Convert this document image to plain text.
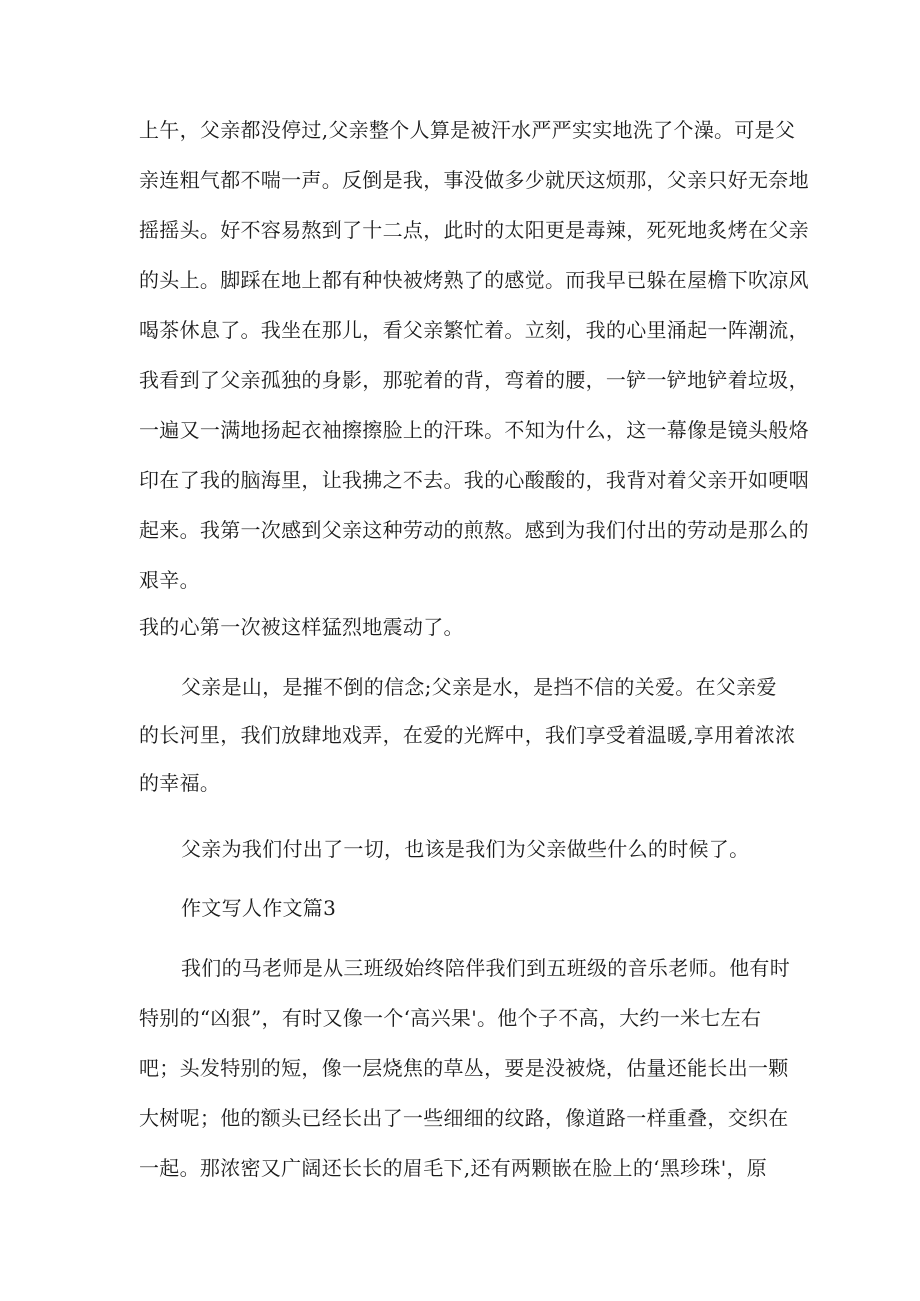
上午，父亲都没停过,父亲整个人算是被汗水严严实实地洗了个澡。可是父
亲连粗气都不喘一声。反倒是我，事没做多少就厌这烦那，父亲只好无奈地
摇摇头。好不容易熬到了十二点，此时的太阳更是毒辣，死死地炙烤在父亲
的头上。脚踩在地上都有种快被烤熟了的感觉。而我早已躲在屋檐下吹凉风
喝茶休息了。我坐在那儿，看父亲繁忙着。立刻，我的心里涌起一阵潮流，
我看到了父亲孤独的身影，那驼着的背，弯着的腰，一铲一铲地铲着垃圾，
一遍又一满地扬起衣袖擦擦脸上的汗珠。不知为什么，这一幕像是镜头般烙
印在了我的脑海里，让我拂之不去。我的心酸酸的，我背对着父亲开如哽咽
起来。我第一次感到父亲这种劳动的煎熬。感到为我们付出的劳动是那么的
艰辛。
我的心第一次被这样猛烈地震动了。
父亲是山，是摧不倒的信念;父亲是水，是挡不信的关爱。在父亲爱
的长河里，我们放肆地戏弄，在爱的光辉中，我们享受着温暖,享用着浓浓
的幸福。
父亲为我们付出了一切，也该是我们为父亲做些什么的时候了。
作文写人作文篇3
我们的马老师是从三班级始终陪伴我们到五班级的音乐老师。他有时
特别的“凶狠”，有时又像一个‘高兴果'。他个子不高，大约一米七左右
吧；头发特别的短，像一层烧焦的草丛，要是没被烧，估量还能长出一颗
大树呢；他的额头已经长出了一些细细的纹路，像道路一样重叠，交织在
一起。那浓密又广阔还长长的眉毛下,还有两颗嵌在脸上的‘黑珍珠'，原
